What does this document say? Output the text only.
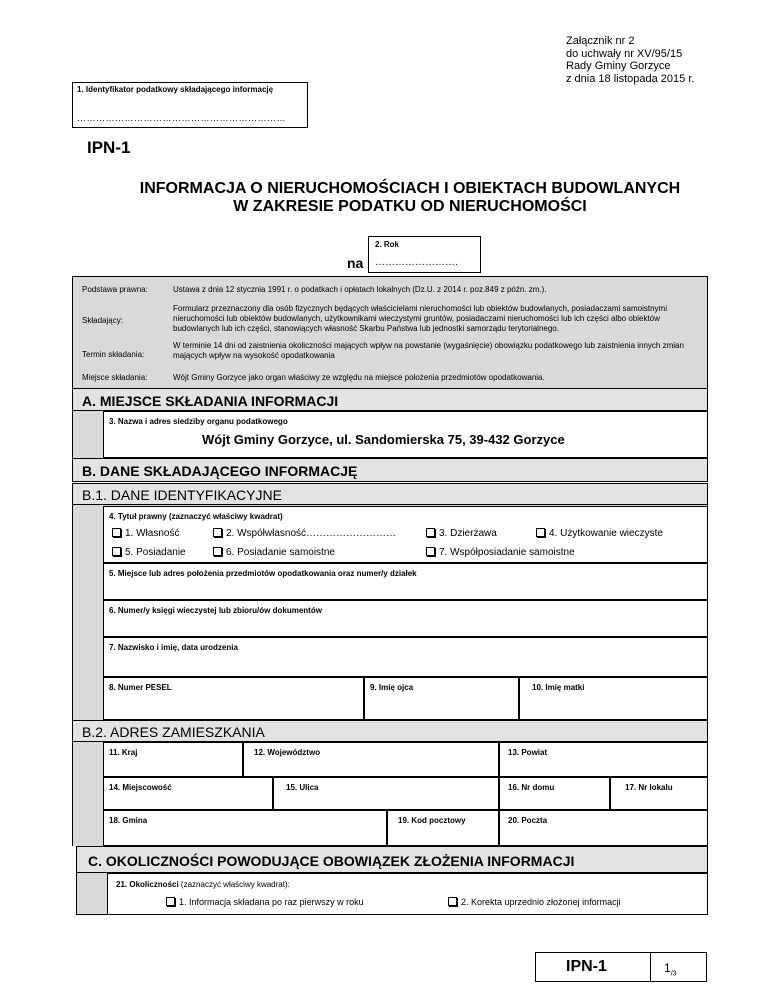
Załącznik nr 2
do uchwały nr XV/95/15
Rady Gminy Gorzyce
z dnia 18 listopada 2015 r.
1. Identyfikator podatkowy składającego informację
…………………………………………………………
IPN-1
INFORMACJA O NIERUCHOMOŚCIACH I OBIEKTACH BUDOWLANYCH
W ZAKRESIE PODATKU OD NIERUCHOMOŚCI
na
2. Rok
…………………….
Podstawa prawna:	Ustawa z dnia 12 stycznia 1991 r. o podatkach i opłatach lokalnych (Dz.U. z 2014 r. poz.849 z późn. zm.).
Składający:
Formularz przeznaczony dla osób fizycznych będących właścicielami nieruchomości lub obiektów budowlanych, posiadaczami samoistnymi nieruchomości lub obiektów budowlanych, użytkownikami wieczystymi gruntów, posiadaczami nieruchomości lub ich części albo obiektów budowlanych lub ich części, stanowiących własność Skarbu Państwa lub jednostki samorządu terytorialnego.
Termin składania:
W terminie 14 dni od zaistnienia okoliczności mających wpływ na powstanie (wygaśnięcie) obowiązku podatkowego lub zaistnienia innych zmian mających wpływ na wysokość opodatkowania
Miejsce składania:	Wójt Gminy Gorzyce jako organ właściwy ze względu na miejsce położenia przedmiotów opodatkowania.
A. MIEJSCE SKŁADANIA INFORMACJI
3. Nazwa i adres siedziby organu podatkowego
Wójt Gminy Gorzyce, ul. Sandomierska 75, 39-432 Gorzyce
B. DANE SKŁADAJĄCEGO INFORMACJĘ
B.1. DANE IDENTYFIKACYJNE
4. Tytuł prawny (zaznaczyć właściwy kwadrat)
1. Własność	2. Współwłasność………………………	3. Dzierżawa	4. Użytkowanie wieczyste
5. Posiadanie	6. Posiadanie samoistne	7. Współposiadanie samoistne
5. Miejsce lub adres położenia przedmiotów opodatkowania oraz numer/y działek
6. Numer/y księgi wieczystej lub zbioru/ów dokumentów
7. Nazwisko i imię, data urodzenia
8. Numer PESEL	9. Imię ojca	10. Imię matki
B.2. ADRES ZAMIESZKANIA
11. Kraj	12. Województwo	13. Powiat
14. Miejscowość	15. Ulica	16. Nr domu	17. Nr lokalu
18. Gmina	19. Kod pocztowy	20. Poczta
C. OKOLICZNOŚCI POWODUJĄCE OBOWIĄZEK ZŁOŻENIA INFORMACJI
21. Okoliczności (zaznaczyć właściwy kwadrat):
1. Informacja składana po raz pierwszy w roku	2. Korekta uprzednio złożonej informacji
IPN-1	$1_{/3}$
